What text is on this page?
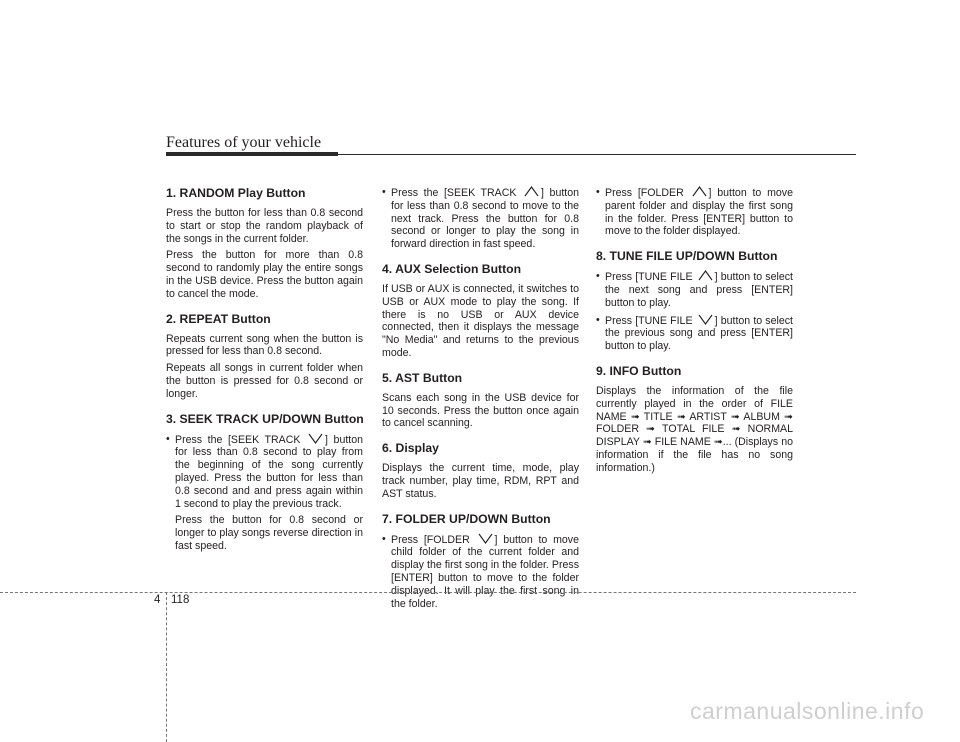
Features of your vehicle
1. RANDOM Play Button

Press the button for less than 0.8 second to start or stop the random playback of the songs in the current folder.

Press the button for more than 0.8 second to randomly play the entire songs in the USB device. Press the button again to cancel the mode.

2. REPEAT Button

Repeats current song when the button is pressed for less than 0.8 second.

Repeats all songs in current folder when the button is pressed for 0.8 second or longer.

3. SEEK TRACK UP/DOWN Button
• Press the [SEEK TRACK
] button for less than 0.8 second to play from the beginning of the song currently played. Press the button for less than 0.8 second and and press again within 1 second to play the previous track.

Press the button for 0.8 second or longer to play songs reverse direction in fast speed.

• Press the [SEEK TRACK
] button for less than 0.8 second to move to the next track. Press the button for 0.8 second or longer to play the song in forward direction in fast speed.
4. AUX Selection Button

If USB or AUX is connected, it switches to USB or AUX mode to play the song. If there is no USB or AUX device connected, then it displays the message "No Media" and returns to the previous mode.

5. AST Button

Scans each song in the USB device for 10 seconds. Press the button once again to cancel scanning.

6. Display

Displays the current time, mode, play track number, play time, RDM, RPT and AST status.

7. FOLDER UP/DOWN Button
• Press [FOLDER
] button to move child folder of the current folder and display the first song in the folder. Press [ENTER] button to move to the folder displayed. It will play the first song in the folder.
• Press [FOLDER
] button to move parent folder and display the first song in the folder. Press [ENTER] button to move to the folder displayed.
8. TUNE FILE UP/DOWN Button
• Press [TUNE FILE
] button to select the next song and press [ENTER] button to play.
• Press [TUNE FILE
] button to select the previous song and press [ENTER] button to play.
9. INFO Button

Displays the information of the file currently played in the order of FILE NAME ➟ TITLE ➟ ARTIST ➟ ALBUM ➟ FOLDER ➟ TOTAL FILE ➟ NORMAL DISPLAY ➟ FILE NAME ➟... (Displays no information if the file has no song information.)

4 118
carmanualsonline.info
